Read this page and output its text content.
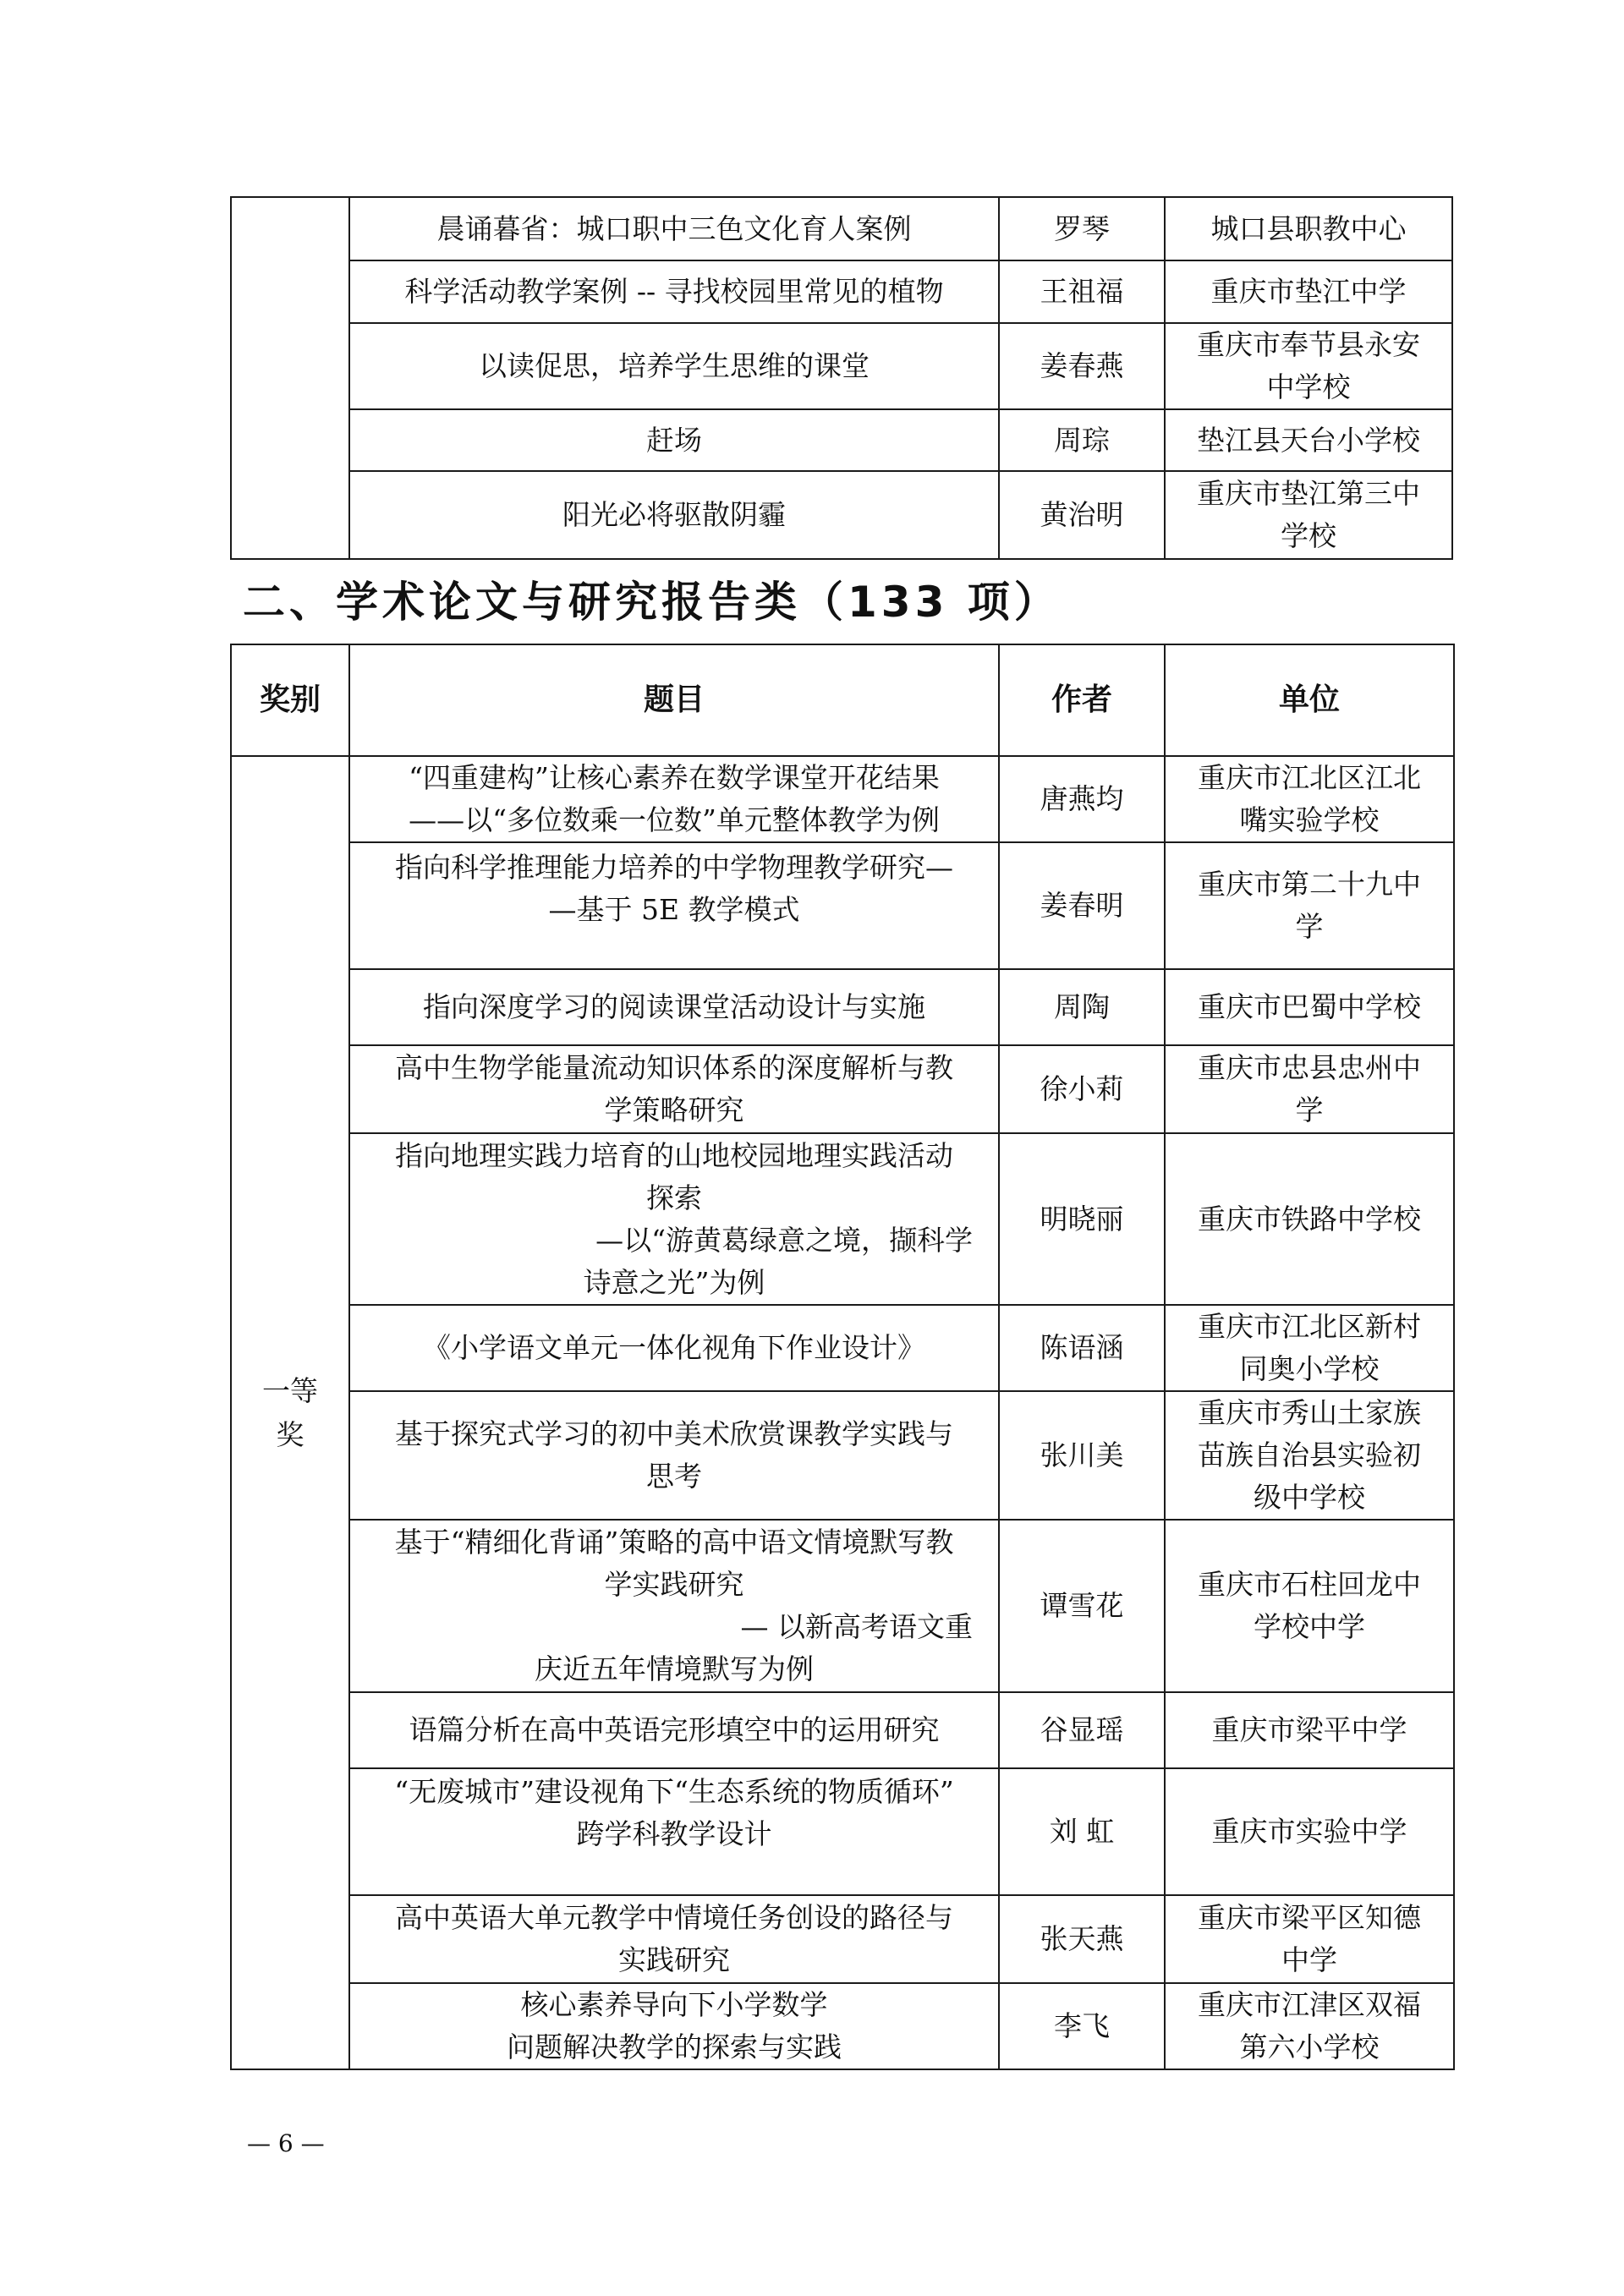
	晨诵暮省：城口职中三色文化育人案例	罗琴	城口县职教中心

	科学活动教学案例 -- 寻找校园里常见的植物	王祖福	重庆市垫江中学

	以读促思，培养学生思维的课堂	姜春燕	重庆市奉节县永安
中学校

	赶场	周琮	垫江县天台小学校

	阳光必将驱散阴霾	黄治明	重庆市垫江第三中
学校
二、学术论文与研究报告类（133 项）
奖别	题目	作者	单位

一等
奖	“四重建构”让核心素养在数学课堂开花结果
——以“多位数乘一位数”单元整体教学为例	唐燕均	重庆市江北区江北
嘴实验学校

	指向科学推理能力培养的中学物理教学研究—
—基于 5E 教学模式	姜春明	重庆市第二十九中
学

	指向深度学习的阅读课堂活动设计与实施	周陶	重庆市巴蜀中学校

	高中生物学能量流动知识体系的深度解析与教
学策略研究	徐小莉	重庆市忠县忠州中
学

	指向地理实践力培育的山地校园地理实践活动
探索
—以“游黄葛绿意之境，撷科学
诗意之光”为例	明晓丽	重庆市铁路中学校

	《小学语文单元一体化视角下作业设计》	陈语涵	重庆市江北区新村
同奥小学校

	基于探究式学习的初中美术欣赏课教学实践与
思考	张川美	重庆市秀山土家族
苗族自治县实验初
级中学校

	基于“精细化背诵”策略的高中语文情境默写教
学实践研究
— 以新高考语文重
庆近五年情境默写为例	谭雪花	重庆市石柱回龙中
学校中学

	语篇分析在高中英语完形填空中的运用研究	谷显瑶	重庆市梁平中学

	“无废城市”建设视角下“生态系统的物质循环”
跨学科教学设计	刘 虹	重庆市实验中学

	高中英语大单元教学中情境任务创设的路径与
实践研究	张天燕	重庆市梁平区知德
中学

	核心素养导向下小学数学
问题解决教学的探索与实践	李飞	重庆市江津区双福
第六小学校
— 6 —
